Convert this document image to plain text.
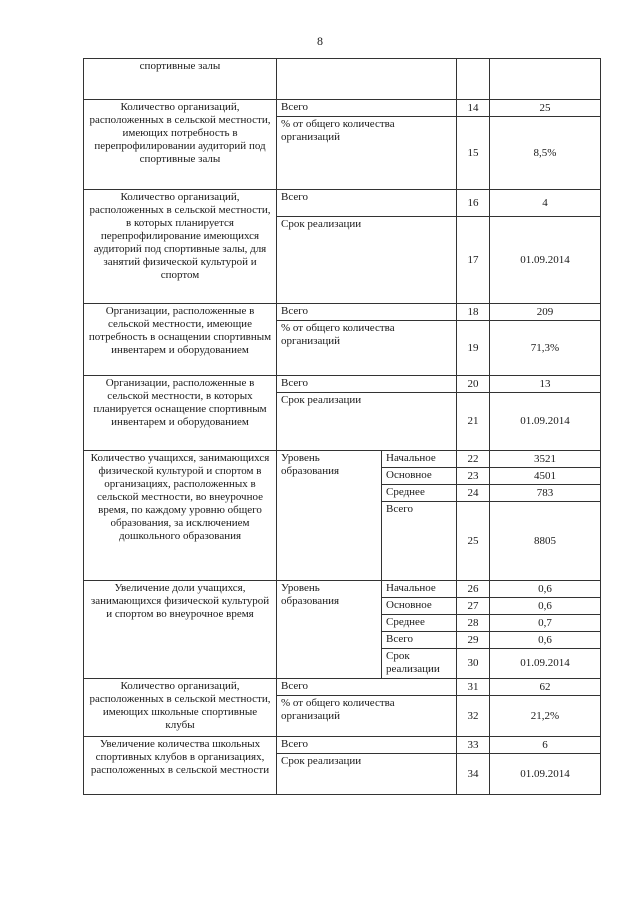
8
спортивные залы				
Количество организаций, расположенных в сельской местности, имеющих потребность в перепрофилировании аудиторий под спортивные залы	Всего		14	25
	% от общего количества организаций		15	8,5%
Количество организаций, расположенных в сельской местности, в которых планируется перепрофилирование имеющихся аудиторий под спортивные залы, для занятий физической культурой и спортом	Всего		16	4
	Срок реализации		17	01.09.2014
Организации, расположенные в сельской местности, имеющие потребность в оснащении спортивным инвентарем и оборудованием	Всего		18	209
	% от общего количества организаций		19	71,3%
Организации, расположенные в сельской местности, в которых планируется оснащение спортивным инвентарем и оборудованием	Всего		20	13
	Срок реализации		21	01.09.2014
Количество учащихся, занимающихся физической культурой и спортом в организациях, расположенных в сельской местности, во внеурочное время, по каждому уровню общего образования, за исключением дошкольного образования	Уровень образования	Начальное	22	3521
		Основное	23	4501
		Среднее	24	783
		Всего	25	8805
Увеличение доли учащихся, занимающихся физической культурой и спортом во внеурочное время	Уровень образования	Начальное	26	0,6
		Основное	27	0,6
		Среднее	28	0,7
		Всего	29	0,6
		Срок реализации	30	01.09.2014
Количество организаций, расположенных в сельской местности, имеющих школьные спортивные клубы	Всего		31	62
	% от общего количества организаций		32	21,2%
Увеличение количества школьных спортивных клубов в организациях, расположенных в сельской местности	Всего		33	6
	Срок реализации		34	01.09.2014
